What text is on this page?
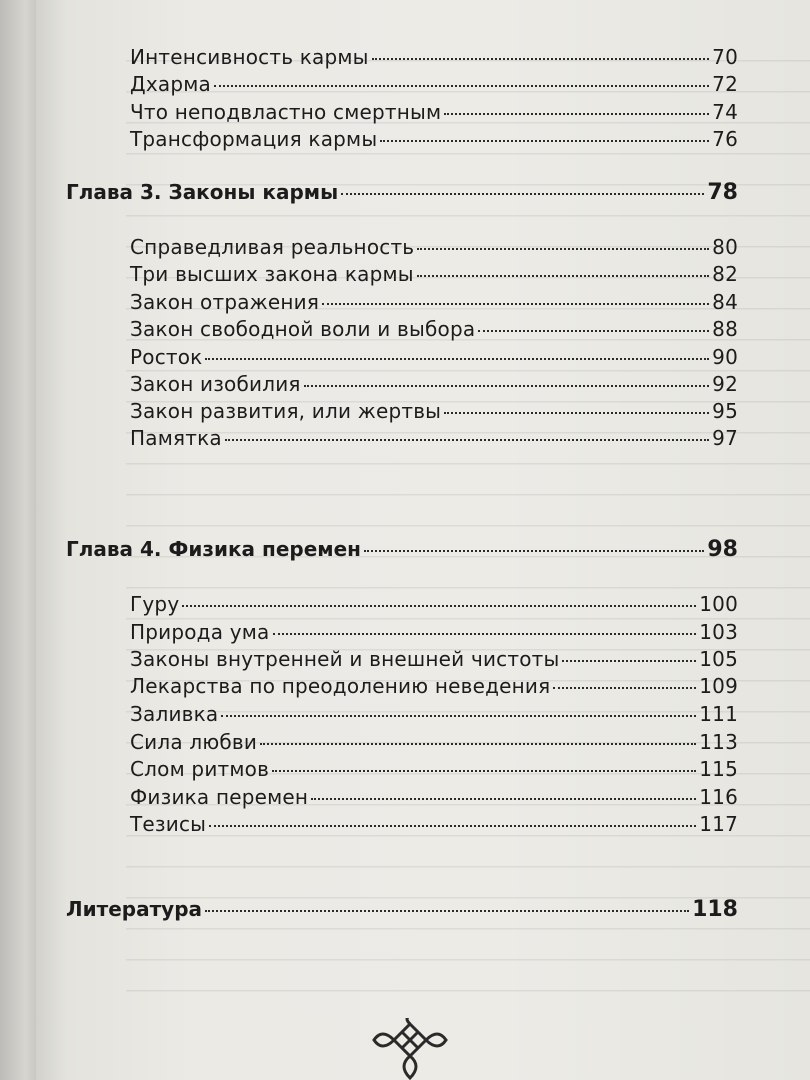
Интенсивность кармы	70
Дхарма	72
Что неподвластно смертным	74
Трансформация кармы	76
Глава 3. Законы кармы	78
Справедливая реальность	80
Три высших закона кармы	82
Закон отражения	84
Закон свободной воли и выбора	88
Росток	90
Закон изобилия	92
Закон развития, или жертвы	95
Памятка	97
Глава 4. Физика перемен	98
Гуру	100
Природа ума	103
Законы внутренней и внешней чистоты	105
Лекарства по преодолению неведения	109
Заливка	111
Сила любви	113
Слом ритмов	115
Физика перемен	116
Тезисы	117
Литература	118
